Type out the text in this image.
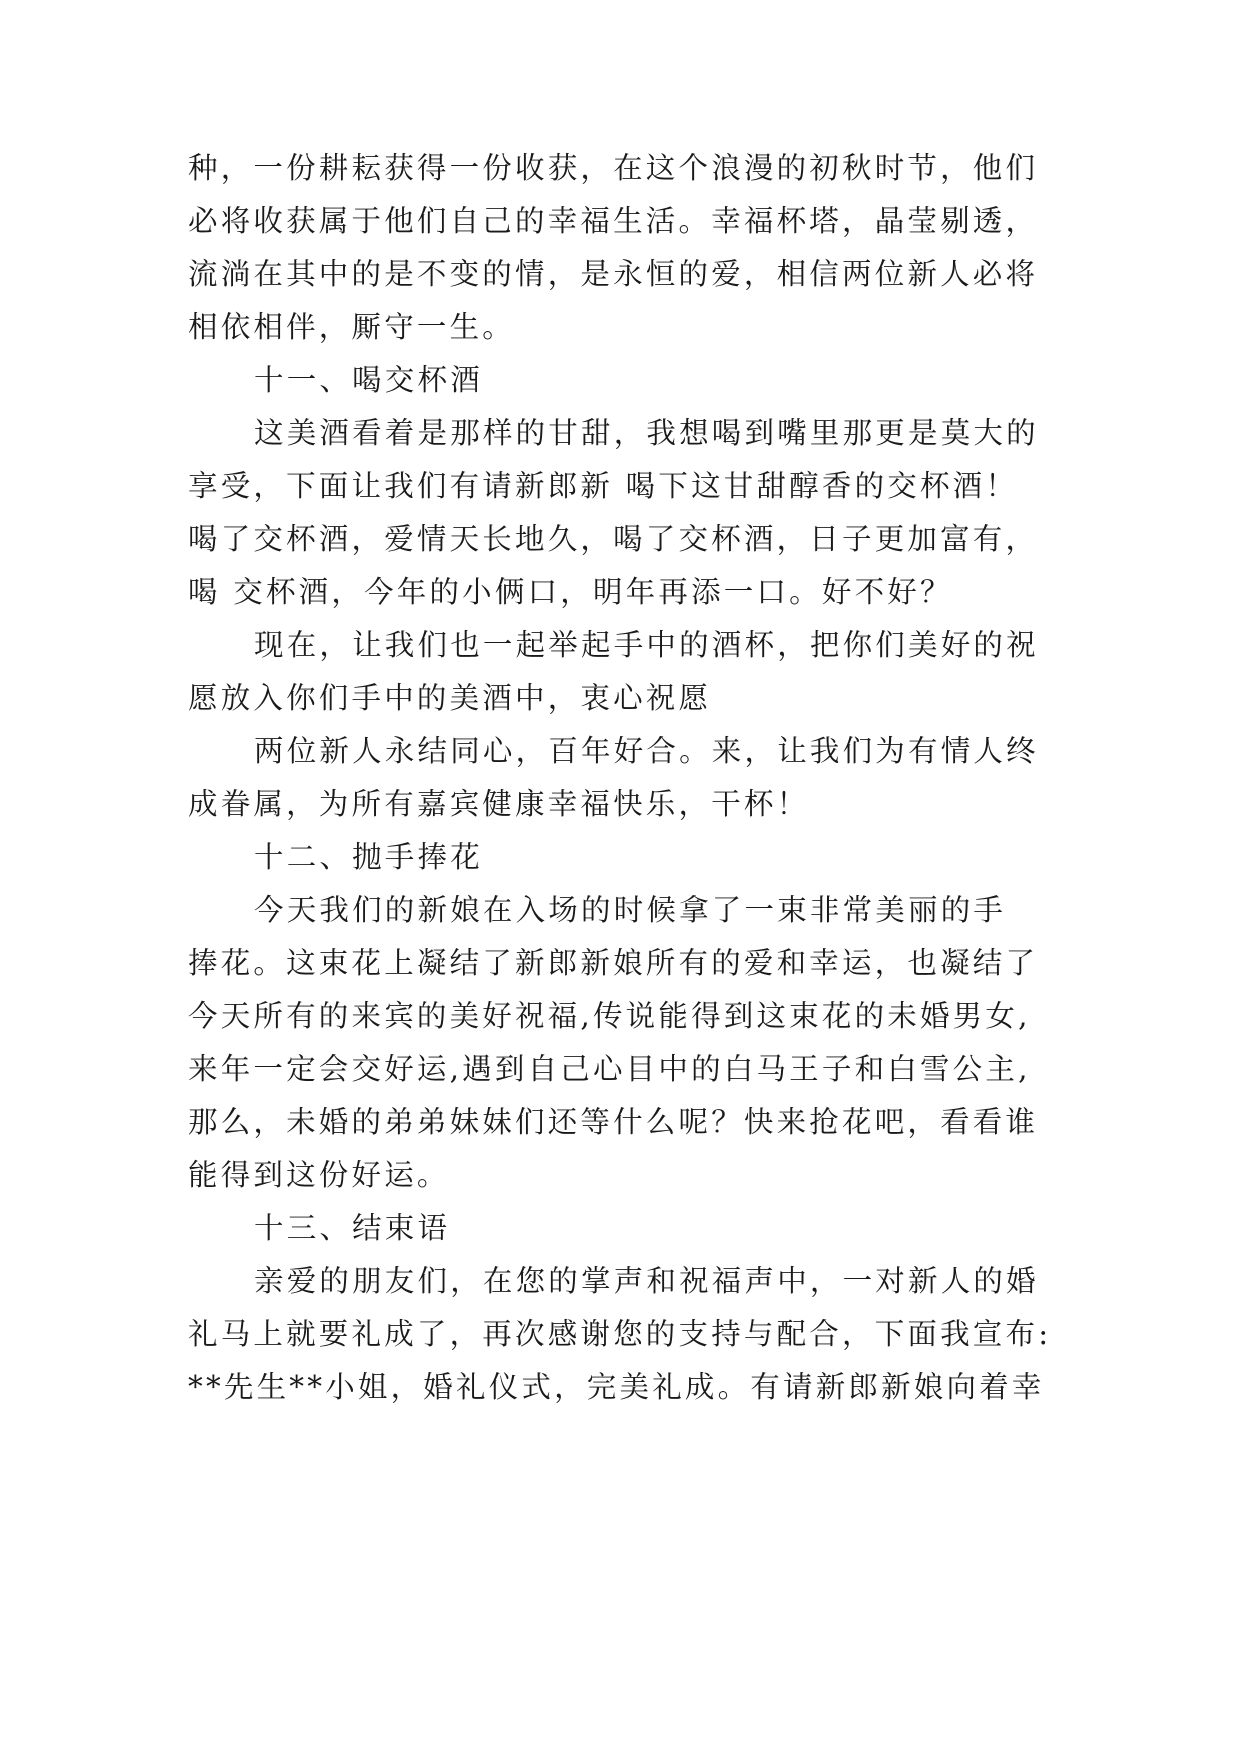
种，一份耕耘获得一份收获，在这个浪漫的初秋时节，他们
必将收获属于他们自己的幸福生活。幸福杯塔，晶莹剔透，
流淌在其中的是不变的情，是永恒的爱，相信两位新人必将
相依相伴，厮守一生。
十一、喝交杯酒
这美酒看着是那样的甘甜，我想喝到嘴里那更是莫大的
享受，下面让我们有请新郎新 喝下这甘甜醇香的交杯酒！
喝了交杯酒，爱情天长地久，喝了交杯酒，日子更加富有，
喝 交杯酒，今年的小俩口，明年再添一口。好不好？
现在，让我们也一起举起手中的酒杯，把你们美好的祝
愿放入你们手中的美酒中，衷心祝愿
两位新人永结同心，百年好合。来，让我们为有情人终
成眷属，为所有嘉宾健康幸福快乐，干杯！
十二、抛手捧花
今天我们的新娘在入场的时候拿了一束非常美丽的手
捧花。这束花上凝结了新郎新娘所有的爱和幸运，也凝结了
今天所有的来宾的美好祝福,传说能得到这束花的未婚男女,
来年一定会交好运,遇到自己心目中的白马王子和白雪公主,
那么，未婚的弟弟妹妹们还等什么呢？快来抢花吧，看看谁
能得到这份好运。
十三、结束语
亲爱的朋友们，在您的掌声和祝福声中，一对新人的婚
礼马上就要礼成了，再次感谢您的支持与配合，下面我宣布:
**先生**小姐，婚礼仪式，完美礼成。有请新郎新娘向着幸
